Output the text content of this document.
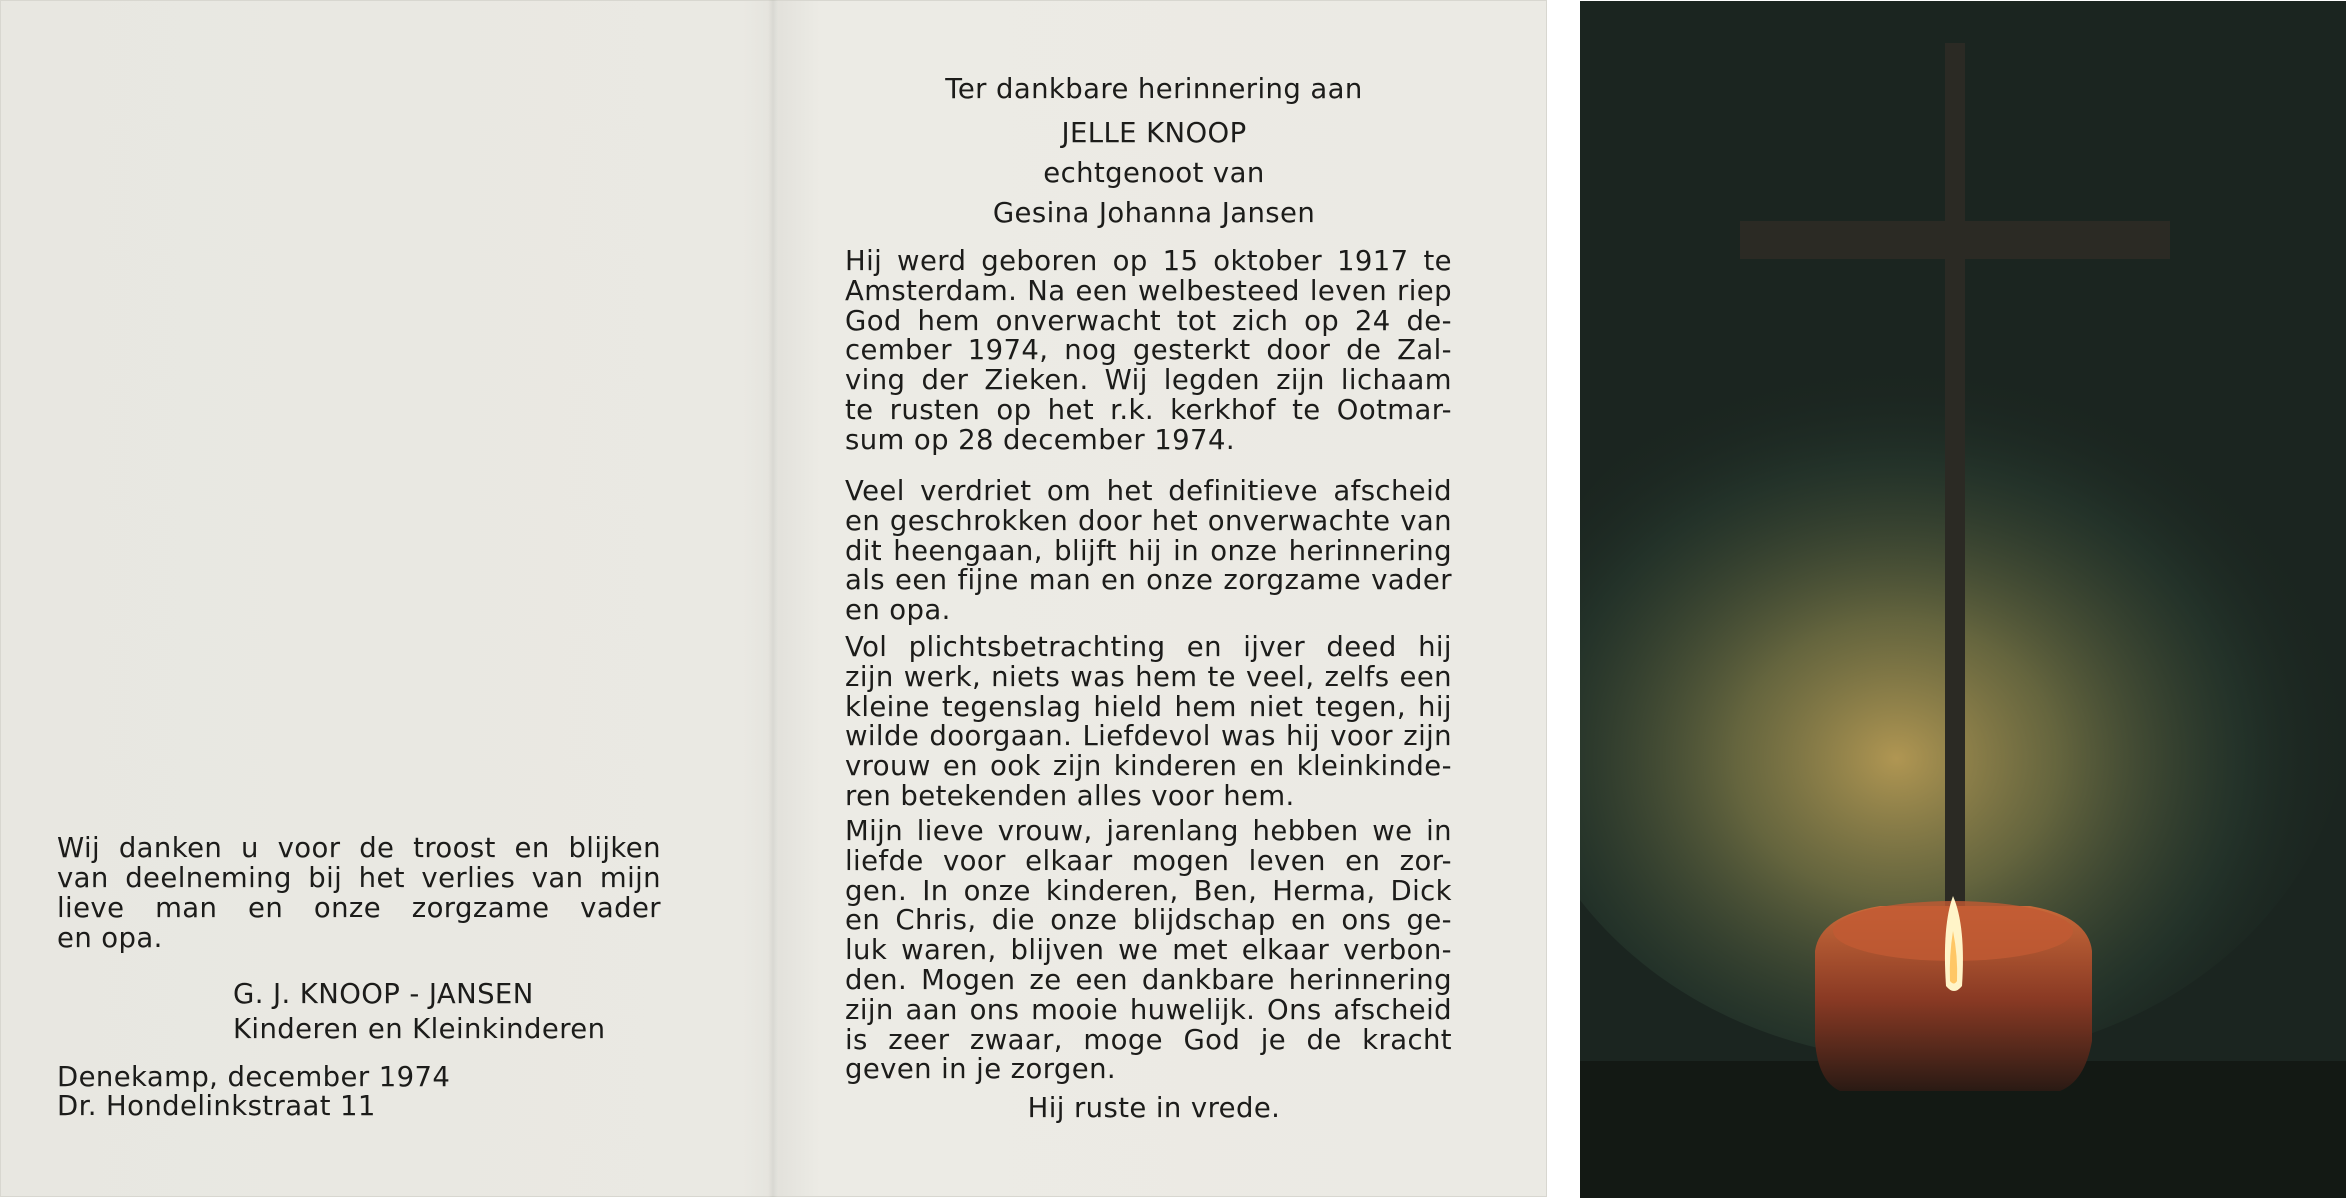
Wij danken u voor de troost en blijken
van deelneming bij het verlies van mijn
lieve man en onze zorgzame vader
en opa.
G. J. KNOOP - JANSEN
Kinderen en Kleinkinderen
Denekamp, december 1974
Dr. Hondelinkstraat 11
Ter dankbare herinnering aan
JELLE KNOOP
echtgenoot van
Gesina Johanna Jansen
Hij werd geboren op 15 oktober 1917 te
Amsterdam. Na een welbesteed leven riep
God hem onverwacht tot zich op 24 de-
cember 1974, nog gesterkt door de Zal-
ving der Zieken. Wij legden zijn lichaam
te rusten op het r.k. kerkhof te Ootmar-
sum op 28 december 1974.
Veel verdriet om het definitieve afscheid
en geschrokken door het onverwachte van
dit heengaan, blijft hij in onze herinnering
als een fijne man en onze zorgzame vader
en opa.
Vol plichtsbetrachting en ijver deed hij
zijn werk, niets was hem te veel, zelfs een
kleine tegenslag hield hem niet tegen, hij
wilde doorgaan. Liefdevol was hij voor zijn
vrouw en ook zijn kinderen en kleinkinde-
ren betekenden alles voor hem.
Mijn lieve vrouw, jarenlang hebben we in
liefde voor elkaar mogen leven en zor-
gen. In onze kinderen, Ben, Herma, Dick
en Chris, die onze blijdschap en ons ge-
luk waren, blijven we met elkaar verbon-
den. Mogen ze een dankbare herinnering
zijn aan ons mooie huwelijk. Ons afscheid
is zeer zwaar, moge God je de kracht
geven in je zorgen.
Hij ruste in vrede.
